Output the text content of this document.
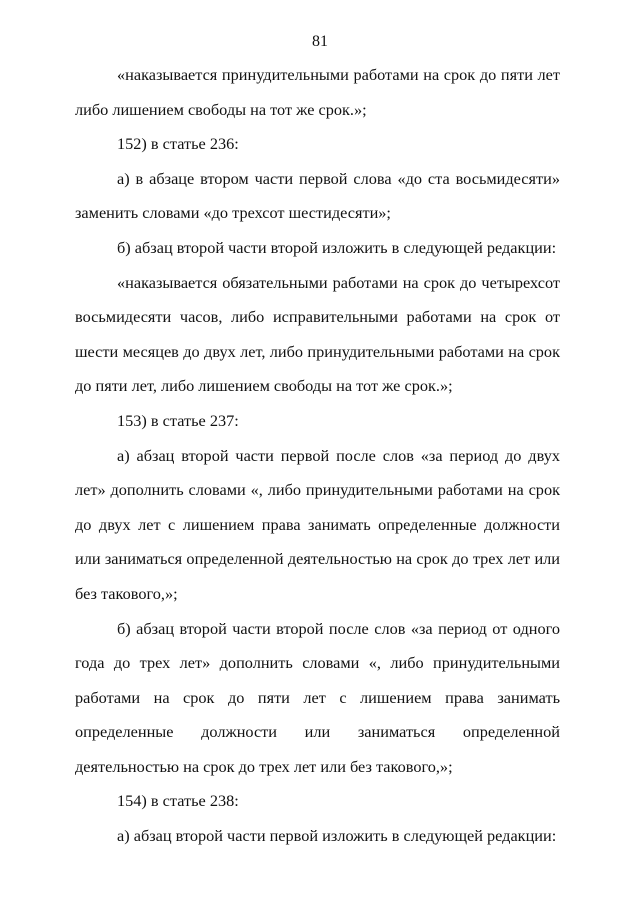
81

«наказывается принудительными работами на срок до пяти лет либо лишением свободы на тот же срок.»;

152) в статье 236:

а) в абзаце втором части первой слова «до ста восьмидесяти» заменить словами «до трехсот шестидесяти»;

б) абзац второй части второй изложить в следующей редакции:

«наказывается обязательными работами на срок до четырехсот восьмидесяти часов, либо исправительными работами на срок от шести месяцев до двух лет, либо принудительными работами на срок до пяти лет, либо лишением свободы на тот же срок.»;

153) в статье 237:

а) абзац второй части первой после слов «за период до двух лет» дополнить словами «, либо принудительными работами на срок до двух лет с лишением права занимать определенные должности или заниматься определенной деятельностью на срок до трех лет или без такового,»;

б) абзац второй части второй после слов «за период от одного года до трех лет» дополнить словами «, либо принудительными работами на срок до пяти лет с лишением права занимать определенные должности или заниматься определенной деятельностью на срок до трех лет или без такового,»;

154) в статье 238:

а) абзац второй части первой изложить в следующей редакции:
